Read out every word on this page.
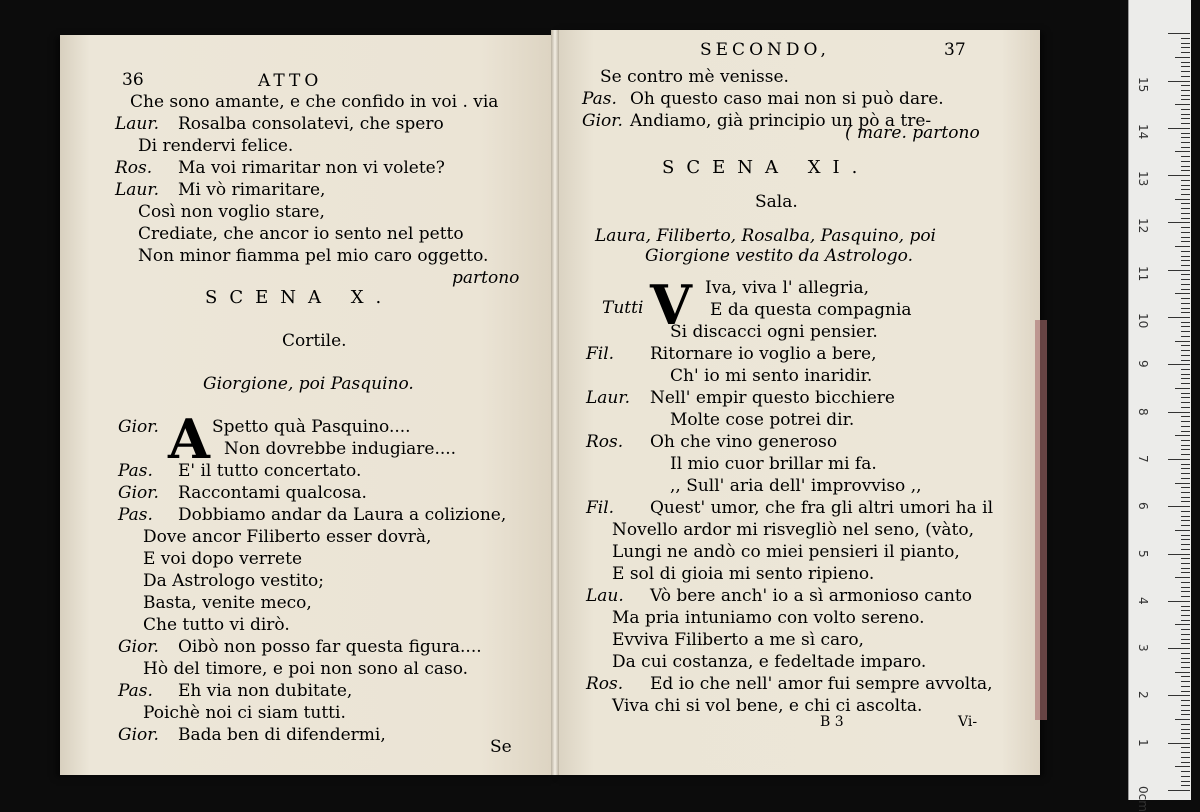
36	ATTO
Che sono amante, e che confido in voi . via
Laur. Rosalba consolatevi, che spero
Di rendervi felice.
Ros. Ma voi rimaritar non vi volete?
Laur. Mi vò rimaritare,
Così non voglio stare,
Crediate, che ancor io sento nel petto
Non minor fiamma pel mio caro oggetto.
partono
SCENA X.
Cortile.
Giorgione, poi Pasquino.
A
Gior.	Spetto quà Pasquino....
Non dovrebbe indugiare....
Pas. E' il tutto concertato.
Gior. Raccontami qualcosa.
Pas. Dobbiamo andar da Laura a colizione,
Dove ancor Filiberto esser dovrà,
E voi dopo verrete
Da Astrologo vestito;
Basta, venite meco,
Che tutto vi dirò.
Gior. Oibò non posso far questa figura....
Hò del timore, e poi non sono al caso.
Pas. Eh via non dubitate,
Poichè noi ci siam tutti.
Gior. Bada ben di difendermi,
Se
SECONDO,	37
Se contro mè venisse.
Pas. Oh questo caso mai non si può dare.
Gior. Andiamo, già principio un pò a tre-
( mare. partono
SCENA XI.
Sala.
Laura, Filiberto, Rosalba, Pasquino, poi
Giorgione vestito da Astrologo.
Tutti V Iva, viva l' allegria,
E da questa compagnia
Si discacci ogni pensier.
Fil. Ritornare io voglio a bere,
Ch' io mi sento inaridir.
Laur. Nell' empir questo bicchiere
Molte cose potrei dir.
Ros. Oh che vino generoso
Il mio cuor brillar mi fa.
,, Sull' aria dell' improvviso ,,
Fil. Quest' umor, che fra gli altri umori ha il
Novello ardor mi risvegliò nel seno, (vàto,
Lungi ne andò co miei pensieri il pianto,
E sol di gioia mi sento ripieno.
Lau. Vò bere anch' io a sì armonioso canto
Ma pria intuniamo con volto sereno.
Evviva Filiberto a me sì caro,
Da cui costanza, e fedeltade imparo.
Ros. Ed io che nell' amor fui sempre avvolta,
Viva chi si vol bene, e chi ci ascolta.
B 3	Vi-
0cm
1
2
3
4
5
6
7
8
9
10
11
12
13
14
15
